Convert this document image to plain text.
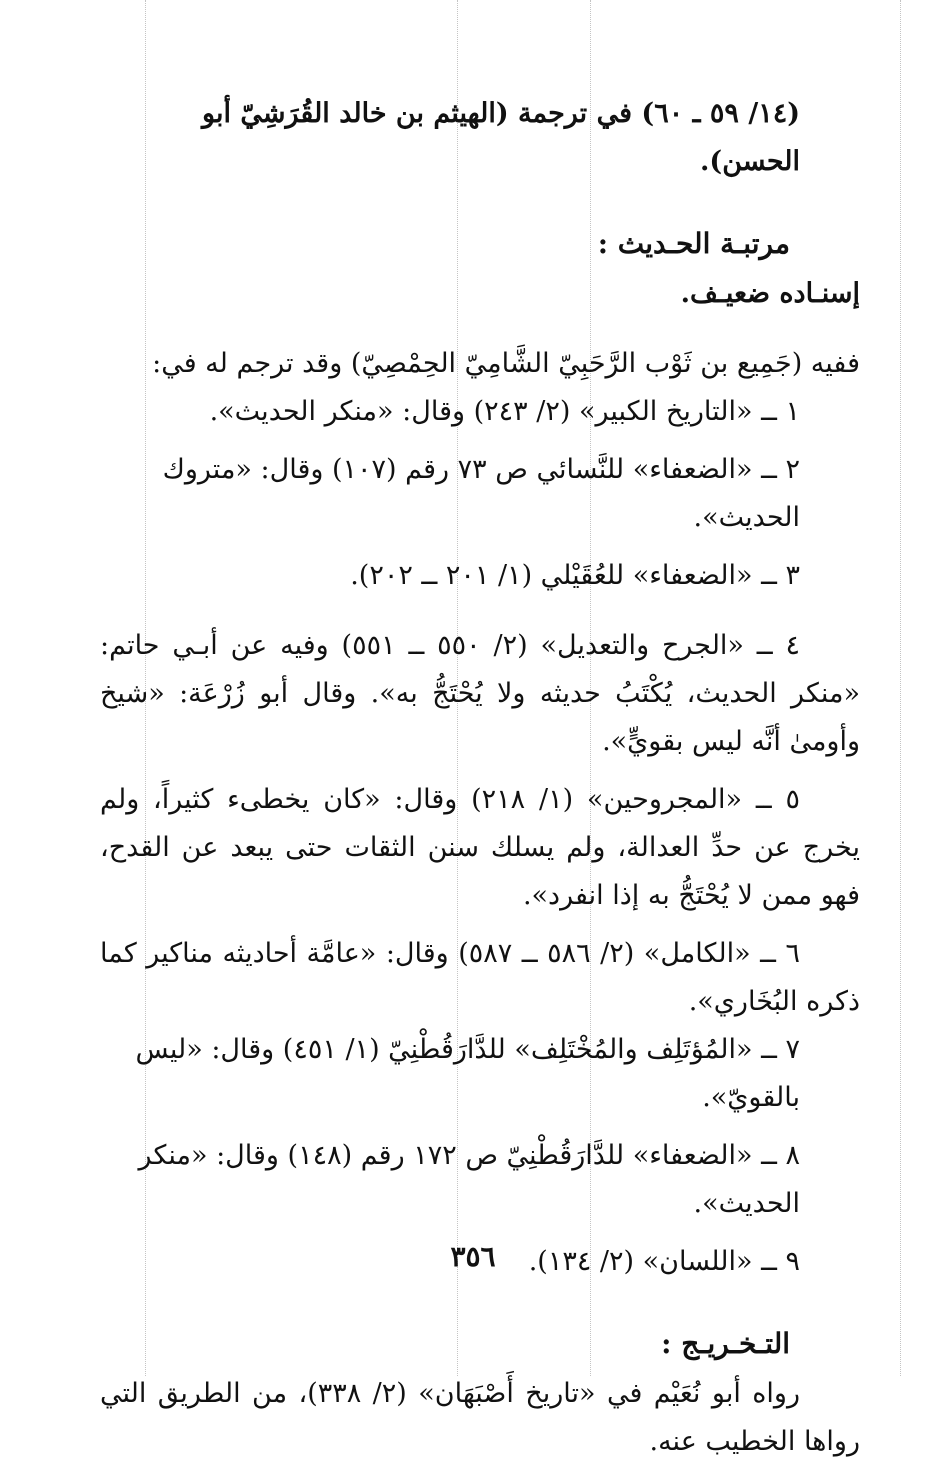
(١٤/ ٥٩ ـ ٦٠) في ترجمة (الهيثم بن خالد القُرَشِيّ أبو الحسن).

مرتبـة الحـديث :

إسنـاده ضعيـف.

ففيه (جَمِيع بن ثَوْب الرَّحَبِيّ الشَّامِيّ الحِمْصِيّ) وقد ترجم له في:

١ ــ «التاريخ الكبير» (٢/ ٢٤٣) وقال: «منكر الحديث».

٢ ــ «الضعفاء» للنَّسائي ص ٧٣ رقم (١٠٧) وقال: «متروك الحديث».

٣ ــ «الضعفاء» للعُقَيْلي (١/ ٢٠١ ــ ٢٠٢).

٤ ــ «الجرح والتعديل» (٢/ ٥٥٠ ــ ٥٥١) وفيه عن أبـي حاتم: «منكر الحديث، يُكْتَبُ حديثه ولا يُحْتَجُّ به». وقال أبو زُرْعَة: «شيخ وأومىٰ أنَّه ليس بقويٍّ».

٥ ــ «المجروحين» (١/ ٢١٨) وقال: «كان يخطىء كثيراً، ولم يخرج عن حدِّ العدالة، ولم يسلك سنن الثقات حتى يبعد عن القدح، فهو ممن لا يُحْتَجُّ به إذا انفرد».

٦ ــ «الكامل» (٢/ ٥٨٦ ــ ٥٨٧) وقال: «عامَّة أحاديثه مناكير كما ذكره البُخَاري».

٧ ــ «المُؤتَلِف والمُخْتَلِف» للدَّارَقُطْنِيّ (١/ ٤٥١) وقال: «ليس بالقويّ».

٨ ــ «الضعفاء» للدَّارَقُطْنِيّ ص ١٧٢ رقم (١٤٨) وقال: «منكر الحديث».

٩ ــ «اللسان» (٢/ ١٣٤).

التـخـريـج :

رواه أبو نُعَيْم في «تاريخ أَصْبَهَان» (٢/ ٣٣٨)، من الطريق التي رواها الخطيب عنه.

٣٥٦
